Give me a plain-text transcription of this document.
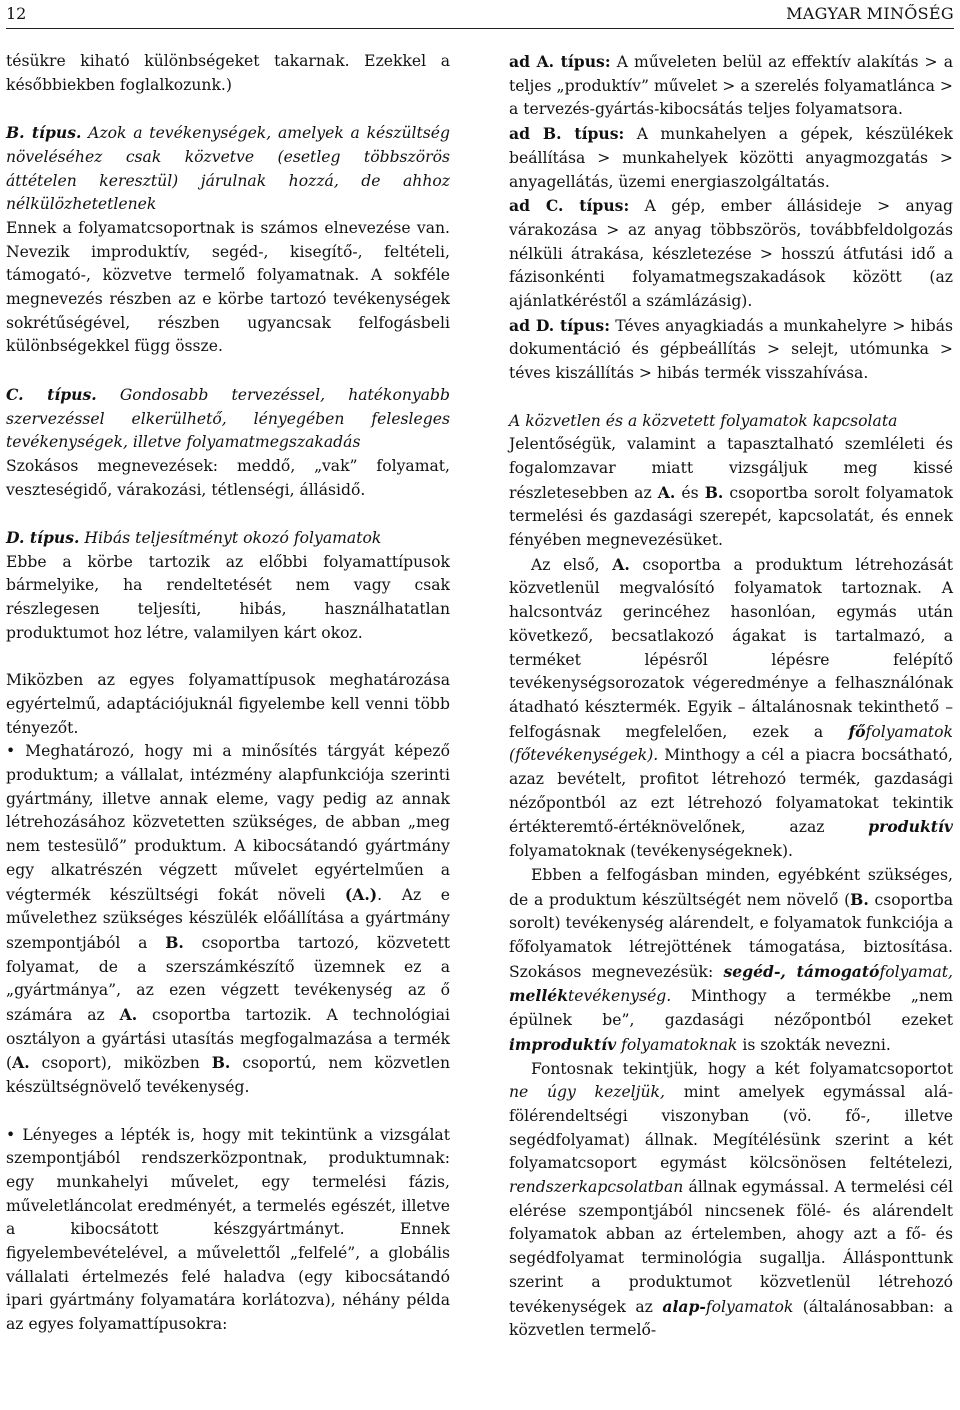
12	MAGYAR MINŐSÉG

tésükre kiható különbségeket takarnak. Ezekkel a későbbiekben foglalkozunk.)

B. típus. Azok a tevékenységek, amelyek a készültség növeléséhez csak közvetve (esetleg többszörös áttételen keresztül) járulnak hozzá, de ahhoz nélkülözhetetlenek
Ennek a folyamatcsoportnak is számos elnevezése van. Nevezik improduktív, segéd-, kisegítő-, feltételi, támogató-, közvetve termelő folyamatnak. A sokféle megnevezés részben az e körbe tartozó tevékenységek sokrétűségével, részben ugyancsak felfogásbeli különbségekkel függ össze.

C. típus. Gondosabb tervezéssel, hatékonyabb szervezéssel elkerülhető, lényegében felesleges tevékenységek, illetve folyamatmegszakadás
Szokásos megnevezések: meddő, „vak” folyamat, veszteségidő, várakozási, tétlenségi, állásidő.

D. típus. Hibás teljesítményt okozó folyamatok
Ebbe a körbe tartozik az előbbi folyamattípusok bármelyike, ha rendeltetését nem vagy csak részlegesen teljesíti, hibás, használhatatlan produktumot hoz létre, valamilyen kárt okoz.

Miközben az egyes folyamattípusok meghatározása egyértelmű, adaptációjuknál figyelembe kell venni több tényezőt.

• Meghatározó, hogy mi a minősítés tárgyát képező produktum; a vállalat, intézmény alapfunkciója szerinti gyártmány, illetve annak eleme, vagy pedig az annak létrehozásához közvetetten szükséges, de abban „meg nem testesülő” produktum. A kibocsátandó gyártmány egy alkatrészén végzett művelet egyértelműen a végtermék készültségi fokát növeli (A.). Az e művelethez szükséges készülék előállítása a gyártmány szempontjából a B. csoportba tartozó, közvetett folyamat, de a szerszámkészítő üzemnek ez a „gyártmánya”, az ezen végzett tevékenység az ő számára az A. csoportba tartozik. A technológiai osztályon a gyártási utasítás megfogalmazása a termék (A. csoport), miközben B. csoportú, nem közvetlen készültségnövelő tevékenység.

• Lényeges a lépték is, hogy mit tekintünk a vizsgálat szempontjából rendszerközpontnak, produktumnak: egy munkahelyi művelet, egy termelési fázis, műveletláncolat eredményét, a termelés egészét, illetve a kibocsátott készgyártmányt. Ennek figyelembevételével, a művelettől „felfelé”, a globális vállalati értelmezés felé haladva (egy kibocsátandó ipari gyártmány folyamatára korlátozva), néhány példa az egyes folyamattípusokra:

ad A. típus: A műveleten belül az effektív alakítás > a teljes „produktív” művelet > a szerelés folyamatlánca > a tervezés-gyártás-kibocsátás teljes folyamatsora.

ad B. típus: A munkahelyen a gépek, készülékek beállítása > munkahelyek közötti anyagmozgatás > anyagellátás, üzemi energiaszolgáltatás.

ad C. típus: A gép, ember állásideje > anyag várakozása > az anyag többszörös, továbbfeldolgozás nélküli átrakása, készletezése > hosszú átfutási idő a fázisonkénti folyamatmegszakadások között (az ajánlatkéréstől a számlázásig).

ad D. típus: Téves anyagkiadás a munkahelyre > hibás dokumentáció és gépbeállítás > selejt, utómunka > téves kiszállítás > hibás termék visszahívása.

A közvetlen és a közvetett folyamatok kapcsolata
Jelentőségük, valamint a tapasztalható szemléleti és fogalomzavar miatt vizsgáljuk meg kissé részletesebben az A. és B. csoportba sorolt folyamatok termelési és gazdasági szerepét, kapcsolatát, és ennek fényében megnevezésüket.

Az első, A. csoportba a produktum létrehozását közvetlenül megvalósító folyamatok tartoznak. A halcsontváz gerincéhez hasonlóan, egymás után következő, becsatlakozó ágakat is tartalmazó, a terméket lépésről lépésre felépítő tevékenységsorozatok végeredménye a felhasználónak átadható késztermék. Egyik – általánosnak tekinthető – felfogásnak megfelelően, ezek a főfolyamatok (főtevékenységek). Minthogy a cél a piacra bocsátható, azaz bevételt, profitot létrehozó termék, gazdasági nézőpontból az ezt létrehozó folyamatokat tekintik értékteremtő-értéknövelőnek, azaz produktív folyamatoknak (tevékenységeknek).

Ebben a felfogásban minden, egyébként szükséges, de a produktum készültségét nem növelő (B. csoportba sorolt) tevékenység alárendelt, e folyamatok funkciója a főfolyamatok létrejöttének támogatása, biztosítása. Szokásos megnevezésük: segéd-, támogatófolyamat, melléktevékenység. Minthogy a termékbe „nem épülnek be”, gazdasági nézőpontból ezeket improduktív folyamatoknak is szokták nevezni.

Fontosnak tekintjük, hogy a két folyamatcsoportot ne úgy kezeljük, mint amelyek egymással alá-fölérendeltségi viszonyban (vö. fő-, illetve segédfolyamat) állnak. Megítélésünk szerint a két folyamatcsoport egymást kölcsönösen feltételezi, rendszerkapcsolatban állnak egymással. A termelési cél elérése szempontjából nincsenek fölé- és alárendelt folyamatok abban az értelemben, ahogy azt a fő- és segédfolyamat terminológia sugallja. Állásponttunk szerint a produktumot közvetlenül létrehozó tevékenységek az alap-folyamatok (általánosabban: a közvetlen termelő-
